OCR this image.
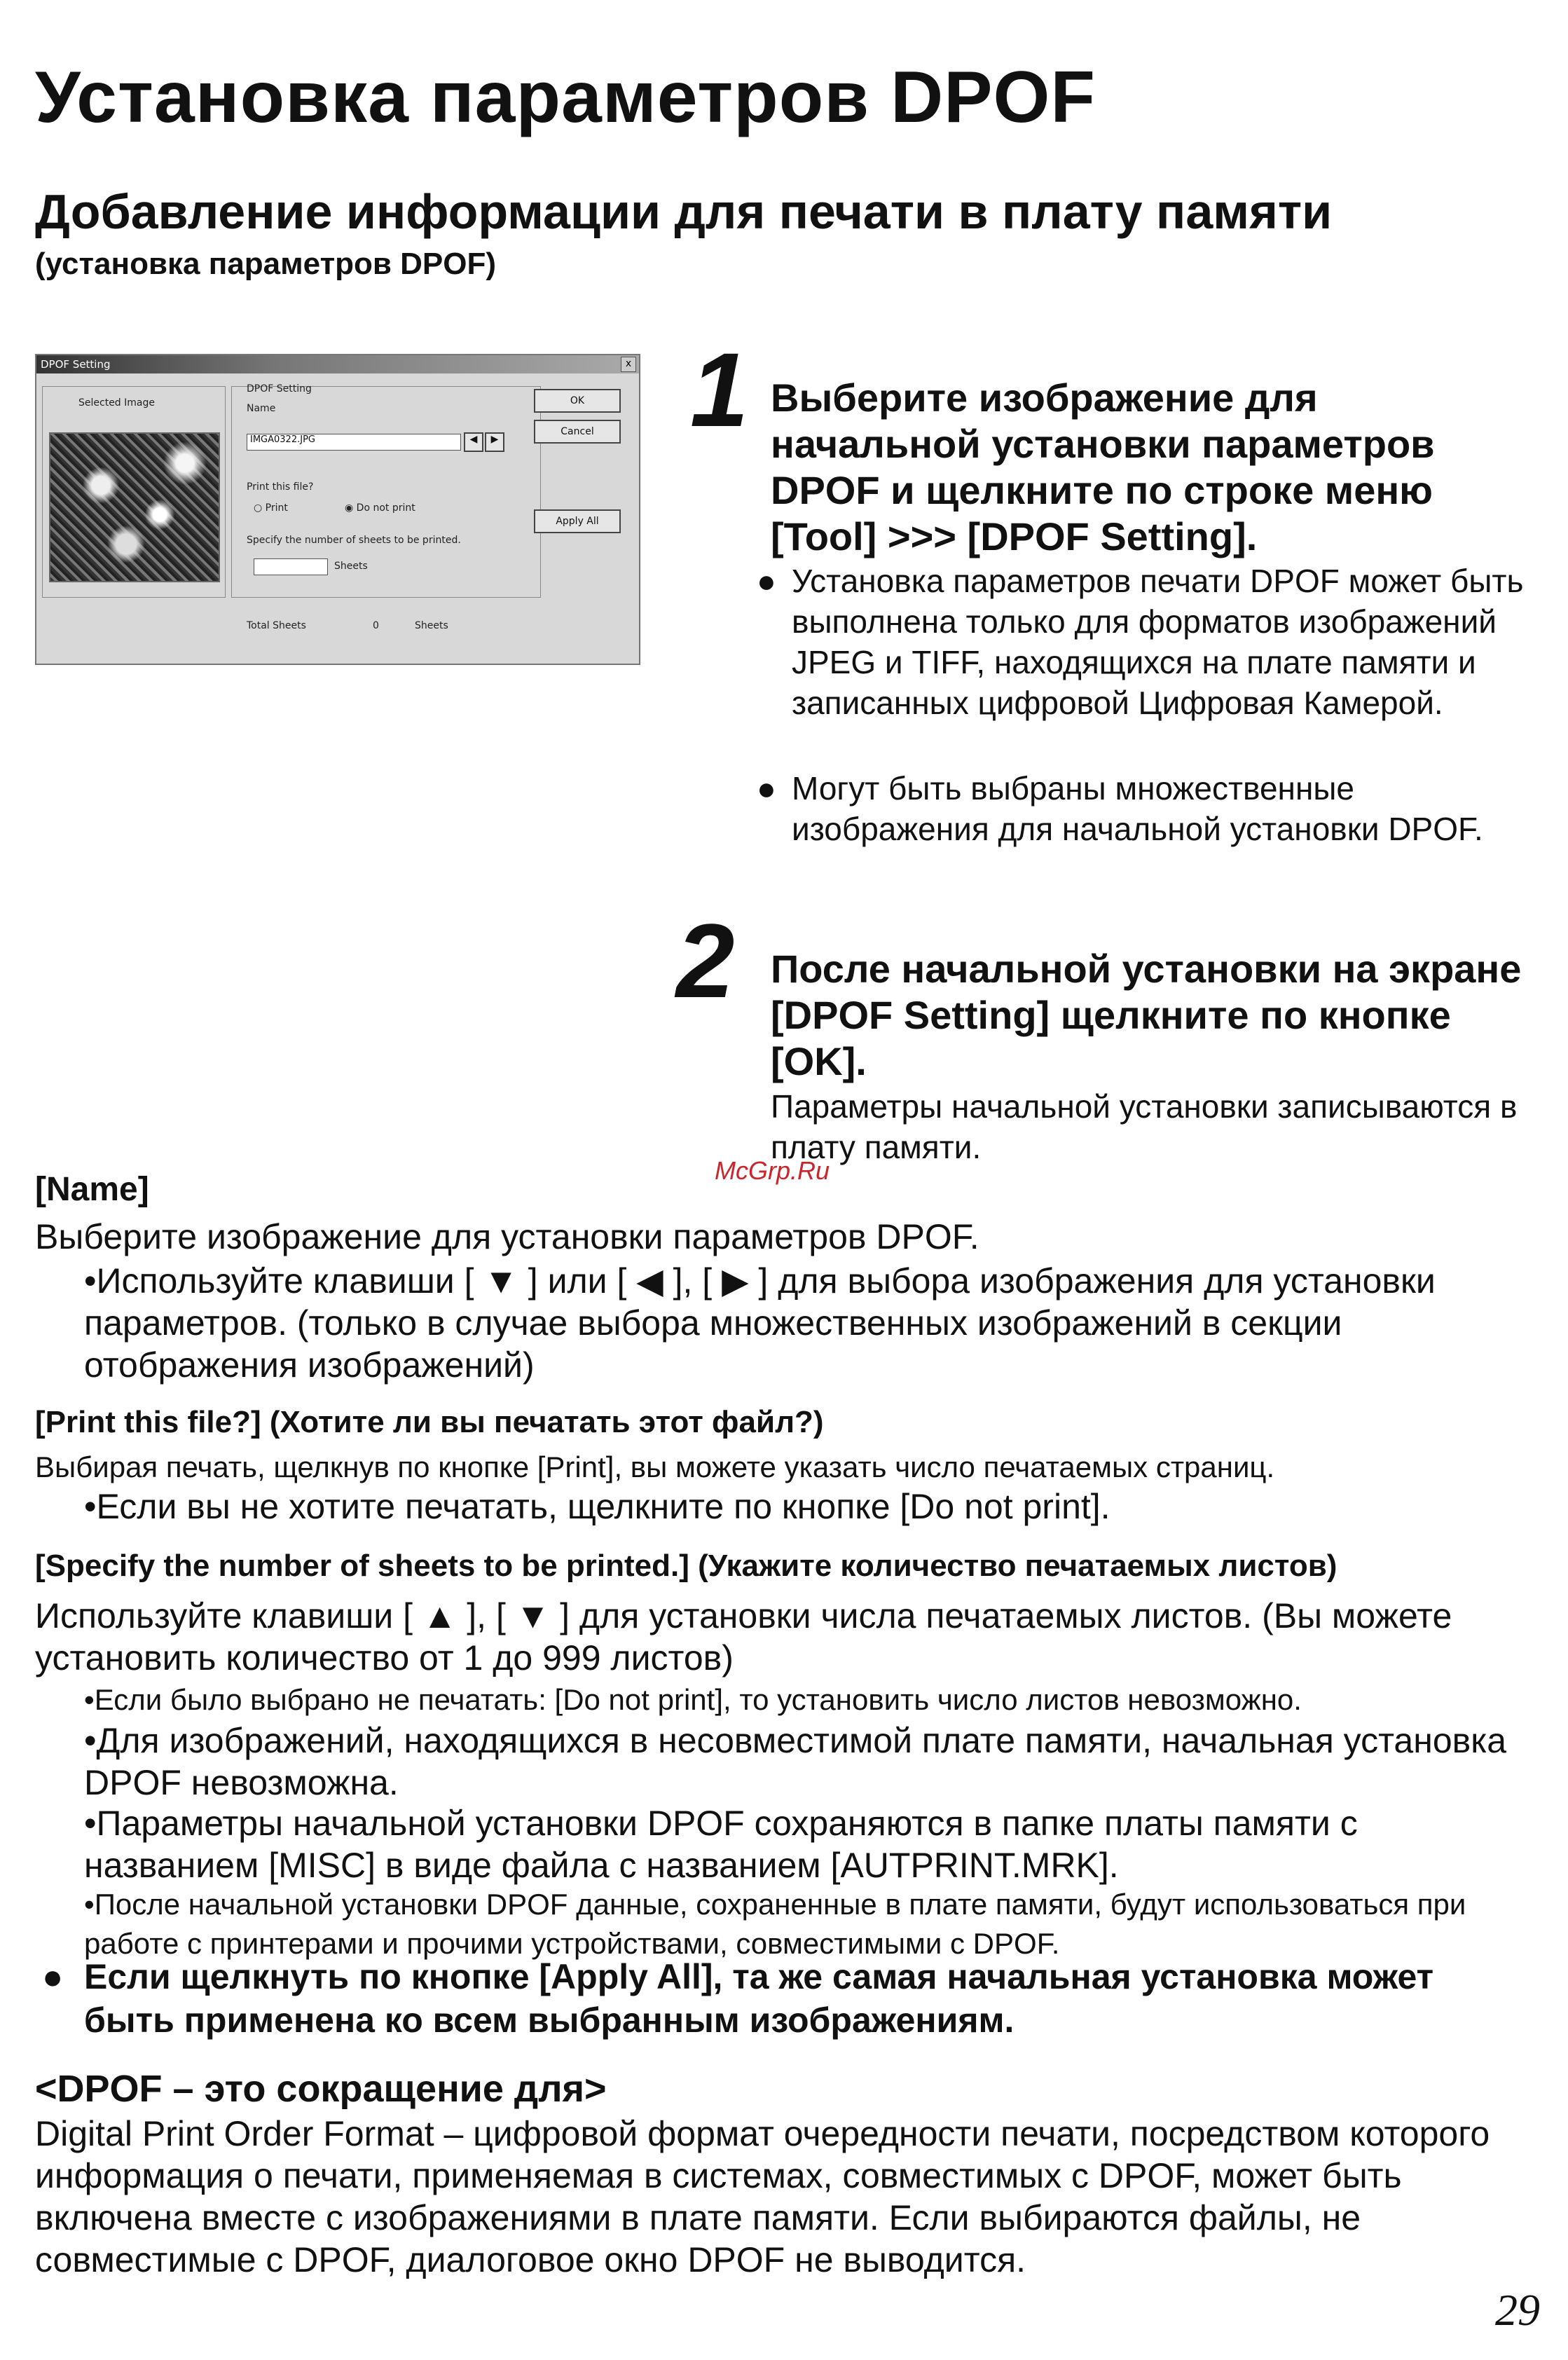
Установка параметров DPOF
Добавление информации для печати в плату памяти
(установка параметров DPOF)
DPOF Setting	x
Selected Image
DPOF Setting
Name
IMGA0322.JPG	◀	▶
OK
Cancel
Print this file?
○ Print	◉ Do not print
Apply All
Specify the number of sheets to be printed.
Sheets
Total Sheets	0	Sheets
1 Выберите изображение для начальной установки параметров DPOF и щелкните по строке меню [Tool] >>> [DPOF Setting].
● Установка параметров печати DPOF может быть выполнена только для форматов изображений JPEG и TIFF, находящихся на плате памяти и записанных цифровой Цифровая Камерой.
● Могут быть выбраны множественные изображения для начальной установки DPOF.
2 После начальной установки на экране [DPOF Setting] щелкните по кнопке [OK].
Параметры начальной установки записываются в плату памяти.
McGrp.Ru
[Name]
Выберите изображение для установки параметров DPOF.
•Используйте клавиши [ ▼ ] или [ ◀ ], [ ▶ ] для выбора изображения для установки параметров. (только в случае выбора множественных изображений в секции отображения изображений)
[Print this file?] (Хотите ли вы печатать этот файл?)
Выбирая печать, щелкнув по кнопке [Print], вы можете указать число печатаемых страниц.
•Если вы не хотите печатать, щелкните по кнопке [Do not print].
[Specify the number of sheets to be printed.] (Укажите количество печатаемых листов)
Используйте клавиши [ ▲ ], [ ▼ ] для установки числа печатаемых листов. (Вы можете установить количество от 1 до 999 листов)
•Если было выбрано не печатать: [Do not print], то установить число листов невозможно.
•Для изображений, находящихся в несовместимой плате памяти, начальная установка DPOF невозможна.
•Параметры начальной установки DPOF сохраняются в папке платы памяти с названием [MISC] в виде файла с названием [AUTPRINT.MRK].
•После начальной установки DPOF данные, сохраненные в плате памяти, будут использоваться при работе с принтерами и прочими устройствами, совместимыми с DPOF.
● Если щелкнуть по кнопке [Apply All], та же самая начальная установка может быть применена ко всем выбранным изображениям.
<DPOF – это сокращение для>
Digital Print Order Format – цифровой формат очередности печати, посредством которого информация о печати, применяемая в системах, совместимых с DPOF, может быть включена вместе с изображениями в плате памяти. Если выбираются файлы, не совместимые с DPOF, диалоговое окно DPOF не выводится.
29
